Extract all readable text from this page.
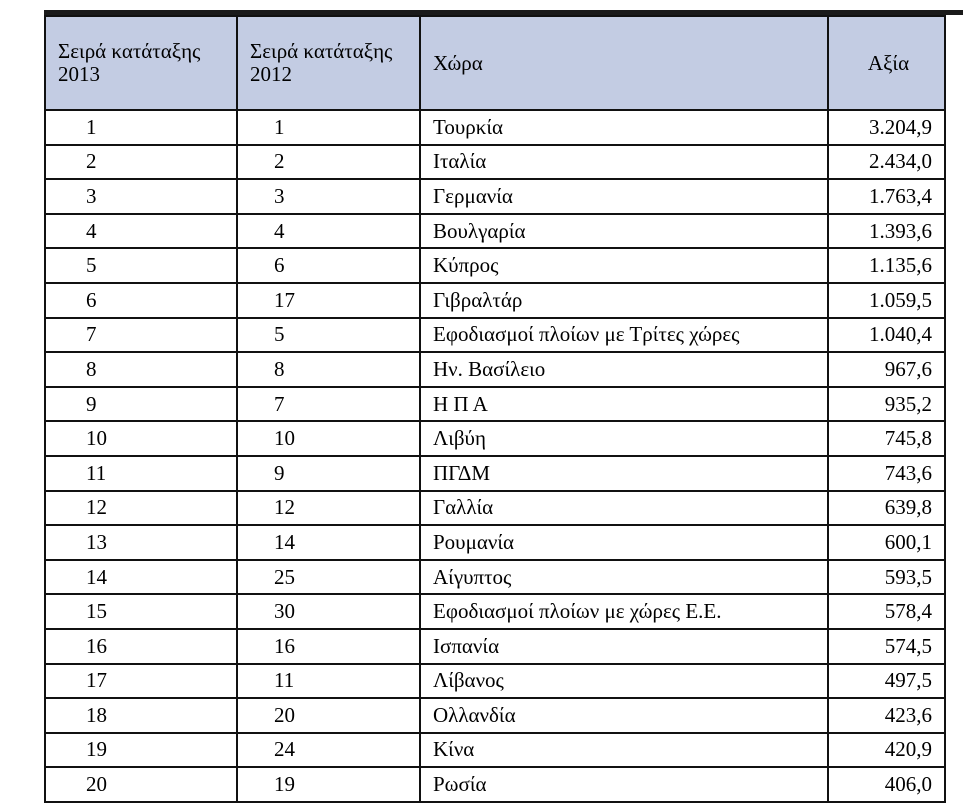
Σειρά κατάταξης 2013	Σειρά κατάταξης 2012	Χώρα	Αξία
1	1	Τουρκία	3.204,9
2	2	Ιταλία	2.434,0
3	3	Γερμανία	1.763,4
4	4	Βουλγαρία	1.393,6
5	6	Κύπρος	1.135,6
6	17	Γιβραλτάρ	1.059,5
7	5	Εφοδιασμοί πλοίων με Τρίτες χώρες	1.040,4
8	8	Ην. Βασίλειο	967,6
9	7	Η Π Α	935,2
10	10	Λιβύη	745,8
11	9	ΠΓΔΜ	743,6
12	12	Γαλλία	639,8
13	14	Ρουμανία	600,1
14	25	Αίγυπτος	593,5
15	30	Εφοδιασμοί πλοίων με χώρες Ε.Ε.	578,4
16	16	Ισπανία	574,5
17	11	Λίβανος	497,5
18	20	Ολλανδία	423,6
19	24	Κίνα	420,9
20	19	Ρωσία	406,0
